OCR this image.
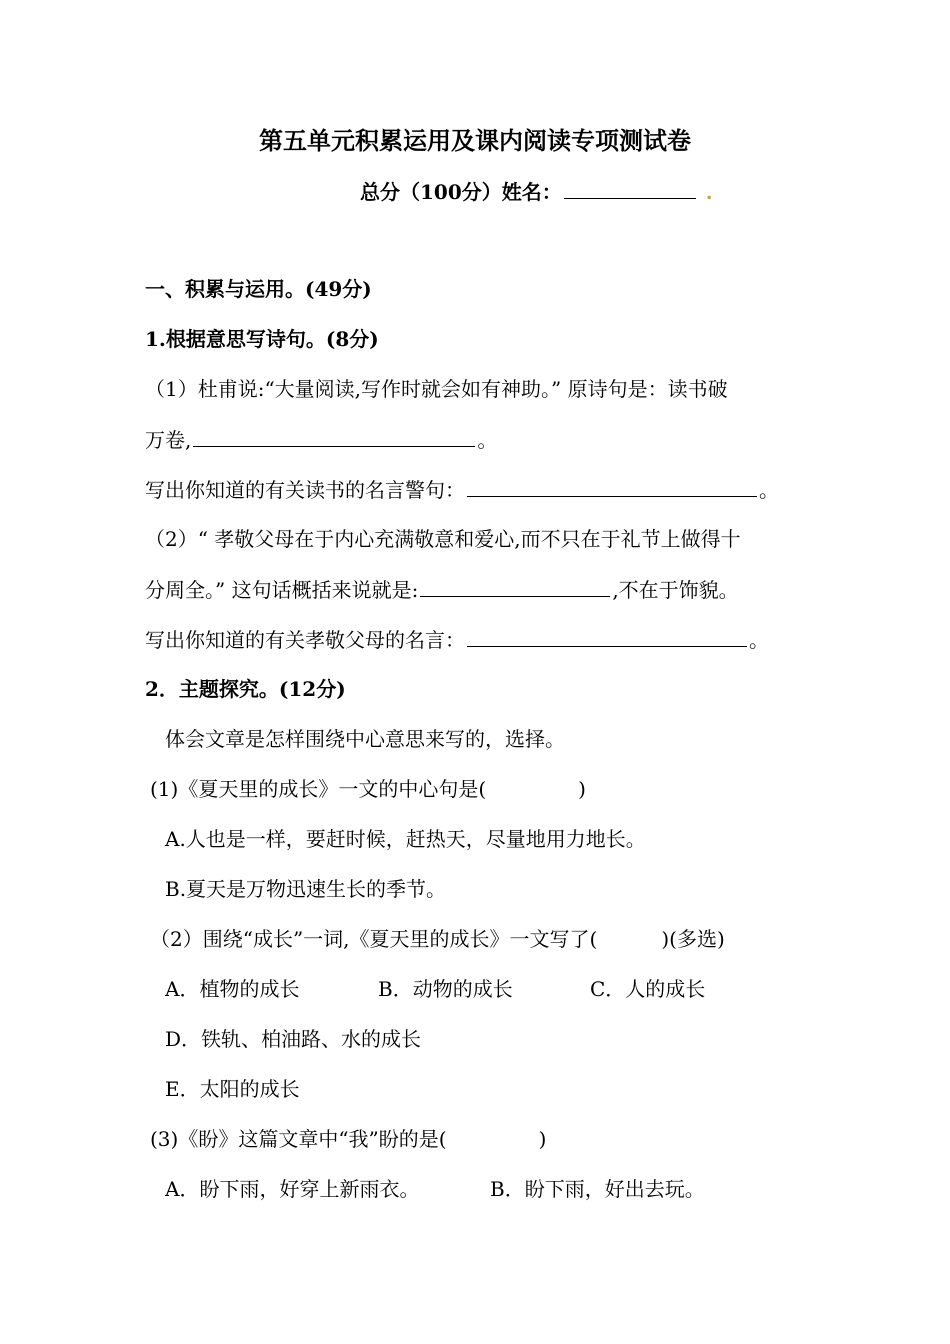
第五单元积累运用及课内阅读专项测试卷
总分（100分）姓名：	.
一、积累与运用。(49分)
1.根据意思写诗句。(8分)
（1）杜甫说:“大量阅读,写作时就会如有神助。” 原诗句是：读书破
万卷,	。
写出你知道的有关读书的名言警句：	。
（2）“ 孝敬父母在于内心充满敬意和爱心,而不只在于礼节上做得十
分周全。” 这句话概括来说就是:	,不在于饰貌。
写出你知道的有关孝敬父母的名言：	。
2．主题探究。(12分)
体会文章是怎样围绕中心意思来写的，选择。
(1)《夏天里的成长》一文的中心句是(	)
A.人也是一样，要赶时候，赶热天，尽量地用力地长。
B.夏天是万物迅速生长的季节。
（2）围绕“成长”一词,《夏天里的成长》一文写了(	)(多选)
A．植物的成长	B．动物的成长	C．人的成长
D．铁轨、柏油路、水的成长
E．太阳的成长
(3)《盼》这篇文章中“我”盼的是(	)
A．盼下雨，好穿上新雨衣。	B．盼下雨，好出去玩。
